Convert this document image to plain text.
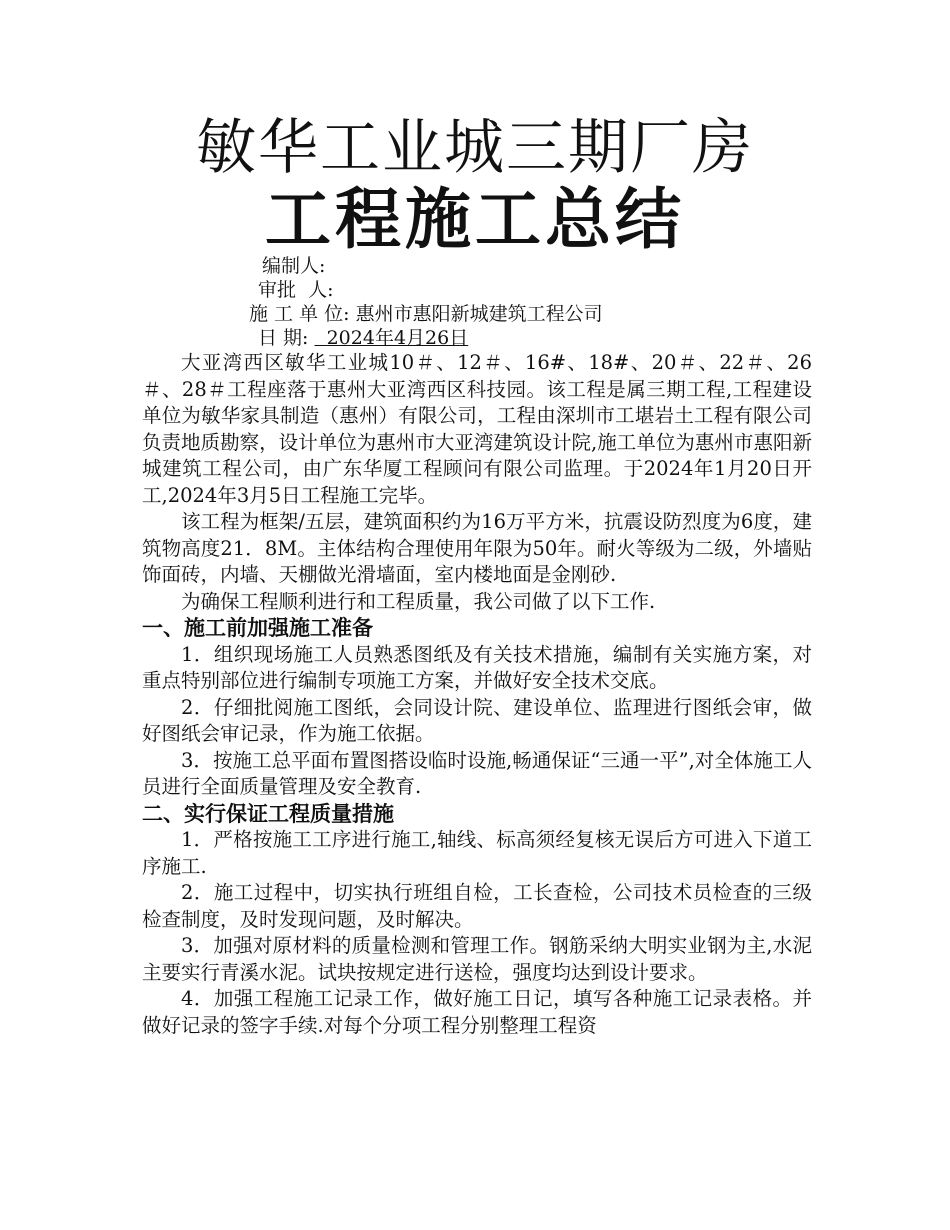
敏华工业城三期厂房
工程施工总结
编制人:
审批  人:
施 工 单 位: 惠州市惠阳新城建筑工程公司
日 期: 2024年4月26日

大亚湾西区敏华工业城10＃、12＃、16#、18#、20＃、22＃、26＃、28＃工程座落于惠州大亚湾西区科技园。该工程是属三期工程,工程建设单位为敏华家具制造（惠州）有限公司，工程由深圳市工堪岩土工程有限公司负责地质勘察，设计单位为惠州市大亚湾建筑设计院,施工单位为惠州市惠阳新城建筑工程公司，由广东华厦工程顾问有限公司监理。于2024年1月20日开工,2024年3月5日工程施工完毕。

该工程为框架/五层，建筑面积约为16万平方米，抗震设防烈度为6度，建筑物高度21．8M。主体结构合理使用年限为50年。耐火等级为二级，外墙贴饰面砖，内墙、天棚做光滑墙面，室内楼地面是金刚砂.

为确保工程顺利进行和工程质量，我公司做了以下工作.

一、施工前加强施工准备

1．组织现场施工人员熟悉图纸及有关技术措施，编制有关实施方案，对重点特别部位进行编制专项施工方案，并做好安全技术交底。

2．仔细批阅施工图纸，会同设计院、建设单位、监理进行图纸会审，做好图纸会审记录，作为施工依据。

3．按施工总平面布置图搭设临时设施,畅通保证“三通一平”,对全体施工人员进行全面质量管理及安全教育.

二、实行保证工程质量措施

1．严格按施工工序进行施工,轴线、标高须经复核无误后方可进入下道工序施工.

2．施工过程中，切实执行班组自检，工长查检，公司技术员检查的三级检查制度，及时发现问题，及时解决。

3．加强对原材料的质量检测和管理工作。钢筋采纳大明实业钢为主,水泥主要实行青溪水泥。试块按规定进行送检，强度均达到设计要求。

4．加强工程施工记录工作，做好施工日记，填写各种施工记录表格。并做好记录的签字手续.对每个分项工程分别整理工程资
